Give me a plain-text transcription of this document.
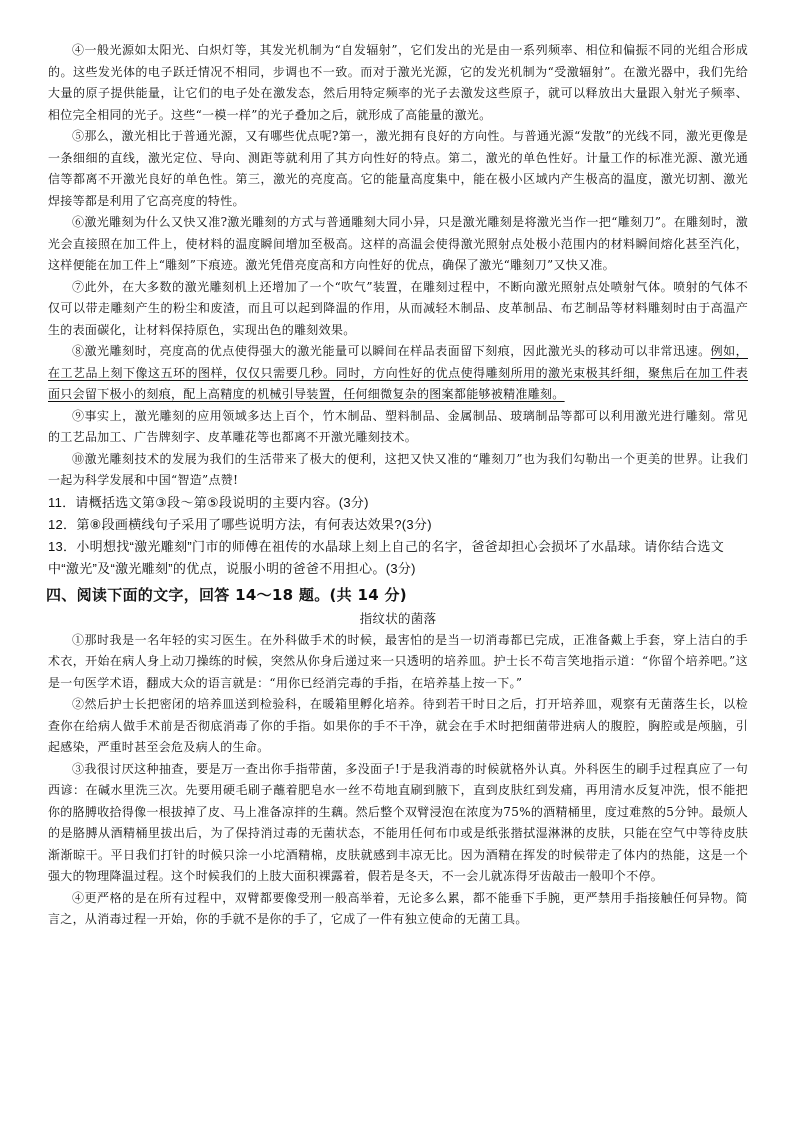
④一般光源如太阳光、白炽灯等，其发光机制为“自发辐射”，它们发出的光是由一系列频率、相位和偏振不同的光组合形成的。这些发光体的电子跃迁情况不相同，步调也不一致。而对于激光光源，它的发光机制为“受激辐射”。在激光器中，我们先给大量的原子提供能量，让它们的电子处在激发态，然后用特定频率的光子去激发这些原子，就可以释放出大量跟入射光子频率、相位完全相同的光子。这些“一模一样”的光子叠加之后，就形成了高能量的激光。

⑤那么，激光相比于普通光源，又有哪些优点呢?第一，激光拥有良好的方向性。与普通光源“发散”的光线不同，激光更像是一条细细的直线，激光定位、导向、测距等就利用了其方向性好的特点。第二，激光的单色性好。计量工作的标准光源、激光通信等都离不开激光良好的单色性。第三，激光的亮度高。它的能量高度集中，能在极小区域内产生极高的温度，激光切割、激光焊接等都是利用了它高亮度的特性。

⑥激光雕刻为什么又快又准?激光雕刻的方式与普通雕刻大同小异，只是激光雕刻是将激光当作一把“雕刻刀”。在雕刻时，激光会直接照在加工件上，使材料的温度瞬间增加至极高。这样的高温会使得激光照射点处极小范围内的材料瞬间熔化甚至汽化，这样便能在加工件上“雕刻”下痕迹。激光凭借亮度高和方向性好的优点，确保了激光“雕刻刀”又快又准。

⑦此外，在大多数的激光雕刻机上还增加了一个“吹气”装置，在雕刻过程中，不断向激光照射点处喷射气体。喷射的气体不仅可以带走雕刻产生的粉尘和废渣，而且可以起到降温的作用，从而减轻木制品、皮革制品、布艺制品等材料雕刻时由于高温产生的表面碳化，让材料保持原色，实现出色的雕刻效果。

⑧激光雕刻时，亮度高的优点使得强大的激光能量可以瞬间在样品表面留下刻痕，因此激光头的移动可以非常迅速。例如，在工艺品上刻下像这五环的图样，仅仅只需要几秒。同时，方向性好的优点使得雕刻所用的激光束极其纤细，聚焦后在加工件表面只会留下极小的刻痕，配上高精度的机械引导装置，任何细微复杂的图案都能够被精准雕刻。

⑨事实上，激光雕刻的应用领域多达上百个，竹木制品、塑料制品、金属制品、玻璃制品等都可以利用激光进行雕刻。常见的工艺品加工、广告牌刻字、皮革雕花等也都离不开激光雕刻技术。

⑩激光雕刻技术的发展为我们的生活带来了极大的便利，这把又快又准的“雕刻刀”也为我们勾勒出一个更美的世界。让我们一起为科学发展和中国“智造”点赞!

11．请概括选文第③段～第⑤段说明的主要内容。(3分)

12．第⑧段画横线句子采用了哪些说明方法，有何表达效果?(3分)

13．小明想找“激光雕刻”门市的师傅在祖传的水晶球上刻上自己的名字，爸爸却担心会损坏了水晶球。请你结合选文中“激光”及“激光雕刻”的优点，说服小明的爸爸不用担心。(3分)

四、阅读下面的文字，回答 14～18 题。(共 14 分)
指纹状的菌落

①那时我是一名年轻的实习医生。在外科做手术的时候，最害怕的是当一切消毒都已完成，正准备戴上手套，穿上洁白的手术衣，开始在病人身上动刀操练的时候，突然从你身后递过来一只透明的培养皿。护士长不苟言笑地指示道：“你留个培养吧。”这是一句医学术语，翻成大众的语言就是：“用你已经消完毒的手指，在培养基上按一下。”

②然后护士长把密闭的培养皿送到检验科，在暖箱里孵化培养。待到若干时日之后，打开培养皿，观察有无菌落生长，以检查你在给病人做手术前是否彻底消毒了你的手指。如果你的手不干净，就会在手术时把细菌带进病人的腹腔，胸腔或是颅脑，引起感染，严重时甚至会危及病人的生命。

③我很讨厌这种抽查，要是万一查出你手指带菌，多没面子!于是我消毒的时候就格外认真。外科医生的刷手过程真应了一句西谚：在碱水里洗三次。先要用硬毛刷子蘸着肥皂水一丝不苟地直刷到腋下，直到皮肤红到发痛，再用清水反复冲洗，恨不能把你的胳膊收拾得像一根拔掉了皮、马上准备凉拌的生藕。然后整个双臂浸泡在浓度为75%的酒精桶里，度过难熬的5分钟。最烦人的是胳膊从酒精桶里拔出后，为了保持消过毒的无菌状态，不能用任何布巾或是纸张揩拭湿淋淋的皮肤，只能在空气中等待皮肤渐渐晾干。平日我们打针的时候只涂一小坨酒精棉，皮肤就感到丰凉无比。因为酒精在挥发的时候带走了体内的热能，这是一个强大的物理降温过程。这个时候我们的上肢大面积裸露着，假若是冬天，不一会儿就冻得牙齿敲击一般叩个不停。

④更严格的是在所有过程中，双臂都要像受刑一般高举着，无论多么累，都不能垂下手腕，更严禁用手指接触任何异物。简言之，从消毒过程一开始，你的手就不是你的手了，它成了一件有独立使命的无菌工具。
